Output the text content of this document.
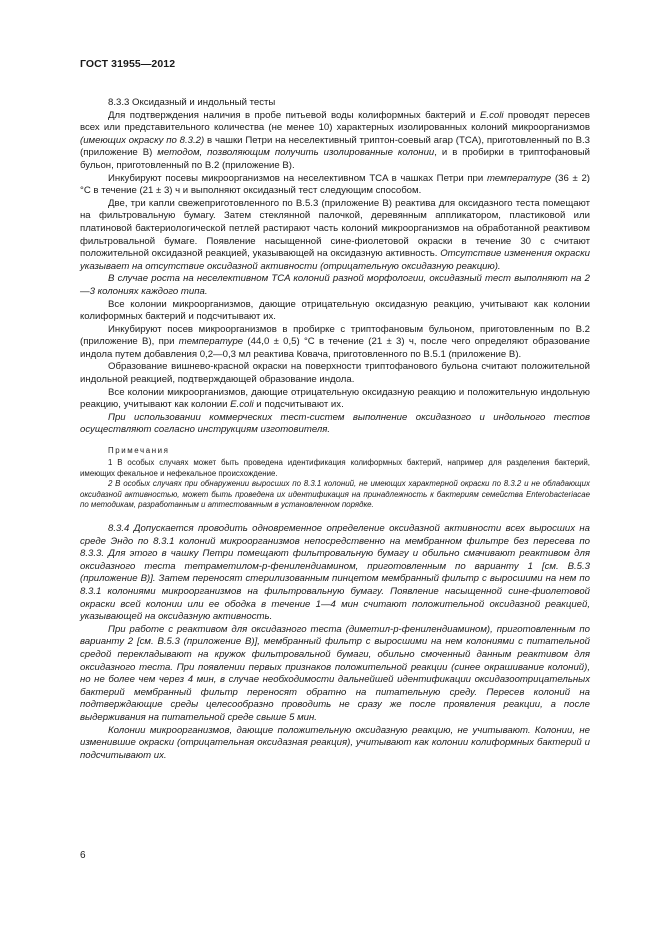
ГОСТ 31955—2012

8.3.3 Оксидазный и индольный тесты

Для подтверждения наличия в пробе питьевой воды колиформных бактерий и E.coli проводят пересев всех или представительного количества (не менее 10) характерных изолированных колоний микроорганизмов (имеющих окраску по 8.3.2) в чашки Петри на неселективный триптон-соевый агар (TCA), приготовленный по В.3 (приложение В) методом, позволяющим получить изолированные колонии, и в пробирки в триптофановый бульон, приготовленный по В.2 (приложение В).

Инкубируют посевы микроорганизмов на неселективном TCA в чашках Петри при температуре (36 ± 2) °С в течение (21 ± 3) ч и выполняют оксидазный тест следующим способом.

Две, три капли свежеприготовленного по В.5.3 (приложение В) реактива для оксидазного теста помещают на фильтровальную бумагу. Затем стеклянной палочкой, деревянным аппликатором, пластиковой или платиновой бактериологической петлей растирают часть колоний микроорганизмов на обработанной реактивом фильтровальной бумаге. Появление насыщенной сине-фиолетовой окраски в течение 30 с считают положительной оксидазной реакцией, указывающей на оксидазную активность. Отсутствие изменения окраски указывает на отсутствие оксидазной активности (отрицательную оксидазную реакцию).

В случае роста на неселективном TCA колоний разной морфологии, оксидазный тест выполняют на 2—3 колониях каждого типа.

Все колонии микроорганизмов, дающие отрицательную оксидазную реакцию, учитывают как колонии колиформных бактерий и подсчитывают их.

Инкубируют посев микроорганизмов в пробирке с триптофановым бульоном, приготовленным по В.2 (приложение В), при температуре (44,0 ± 0,5) °С в течение (21 ± 3) ч, после чего определяют образование индола путем добавления 0,2—0,3 мл реактива Ковача, приготовленного по В.5.1 (приложение В).

Образование вишнево-красной окраски на поверхности триптофанового бульона считают положительной индольной реакцией, подтверждающей образование индола.

Все колонии микроорганизмов, дающие отрицательную оксидазную реакцию и положительную индольную реакцию, учитывают как колонии E.coli и подсчитывают их.

При использовании коммерческих тест-систем выполнение оксидазного и индольного тестов осуществляют согласно инструкциям изготовителя.

Примечания

1 В особых случаях может быть проведена идентификация колиформных бактерий, например для разделения бактерий, имеющих фекальное и нефекальное происхождение.

2 В особых случаях при обнаружении выросших по 8.3.1 колоний, не имеющих характерной окраски по 8.3.2 и не обладающих оксидазной активностью, может быть проведена их идентификация на принадлежность к бактериям семейства Enterobacteriacae по методикам, разработанным и аттестованным в установленном порядке.

8.3.4 Допускается проводить одновременное определение оксидазной активности всех выросших на среде Эндо по 8.3.1 колоний микроорганизмов непосредственно на мембранном фильтре без пересева по 8.3.3. Для этого в чашку Петри помещают фильтровальную бумагу и обильно смачивают реактивом для оксидазного теста тетраметилом-p-фенилендиамином, приготовленным по варианту 1 [см. В.5.3 (приложение В)]. Затем переносят стерилизованным пинцетом мембранный фильтр с выросшими на нем по 8.3.1 колониями микроорганизмов на фильтровальную бумагу. Появление насыщенной сине-фиолетовой окраски всей колонии или ее ободка в течение 1—4 мин считают положительной оксидазной реакцией, указывающей на оксидазную активность.

При работе с реактивом для оксидазного теста (диметил-p-фенилендиамином), приготовленным по варианту 2 [см. В.5.3 (приложение В)], мембранный фильтр с выросшими на нем колониями с питательной средой перекладывают на кружок фильтровальной бумаги, обильно смоченный данным реактивом для оксидазного теста. При появлении первых признаков положительной реакции (синее окрашивание колоний), но не более чем через 4 мин, в случае необходимости дальнейшей идентификации оксидазоотрицательных бактерий мембранный фильтр переносят обратно на питательную среду. Пересев колоний на подтверждающие среды целесообразно проводить не сразу же после проявления реакции, а после выдерживания на питательной среде свыше 5 мин.

Колонии микроорганизмов, дающие положительную оксидазную реакцию, не учитывают. Колонии, не изменившие окраски (отрицательная оксидазная реакция), учитывают как колонии колиформных бактерий и подсчитывают их.

6
